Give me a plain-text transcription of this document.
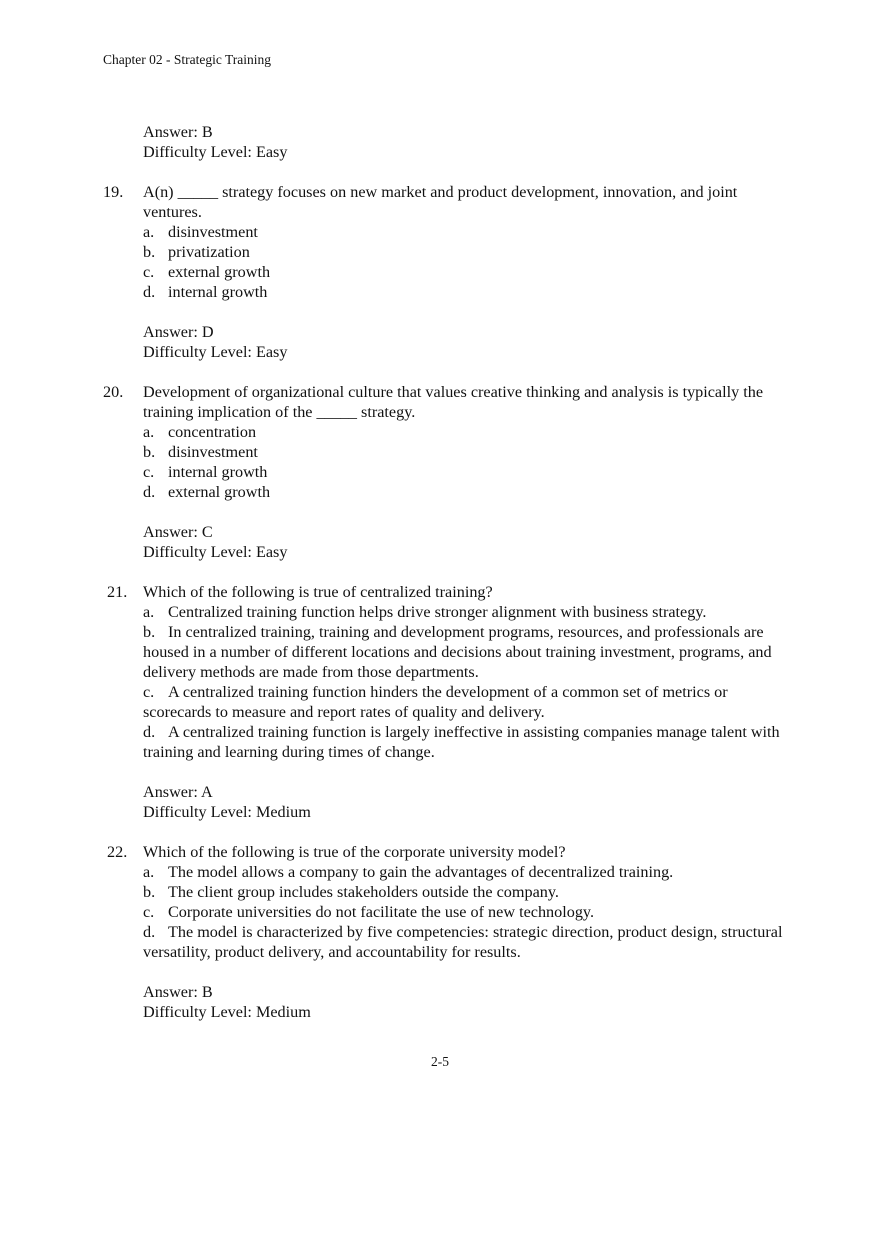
Chapter 02 - Strategic Training
Answer: B
Difficulty Level: Easy
19. A(n) _____ strategy focuses on new market and product development, innovation, and joint ventures.
a. disinvestment
b. privatization
c. external growth
d. internal growth
Answer: D
Difficulty Level: Easy
20. Development of organizational culture that values creative thinking and analysis is typically the training implication of the _____ strategy.
a. concentration
b. disinvestment
c. internal growth
d. external growth
Answer: C
Difficulty Level: Easy
21. Which of the following is true of centralized training?
a. Centralized training function helps drive stronger alignment with business strategy.
b. In centralized training, training and development programs, resources, and professionals are housed in a number of different locations and decisions about training investment, programs, and delivery methods are made from those departments.
c. A centralized training function hinders the development of a common set of metrics or scorecards to measure and report rates of quality and delivery.
d. A centralized training function is largely ineffective in assisting companies manage talent with training and learning during times of change.
Answer: A
Difficulty Level: Medium
22. Which of the following is true of the corporate university model?
a. The model allows a company to gain the advantages of decentralized training.
b. The client group includes stakeholders outside the company.
c. Corporate universities do not facilitate the use of new technology.
d. The model is characterized by five competencies: strategic direction, product design, structural versatility, product delivery, and accountability for results.
Answer: B
Difficulty Level: Medium
2-5
